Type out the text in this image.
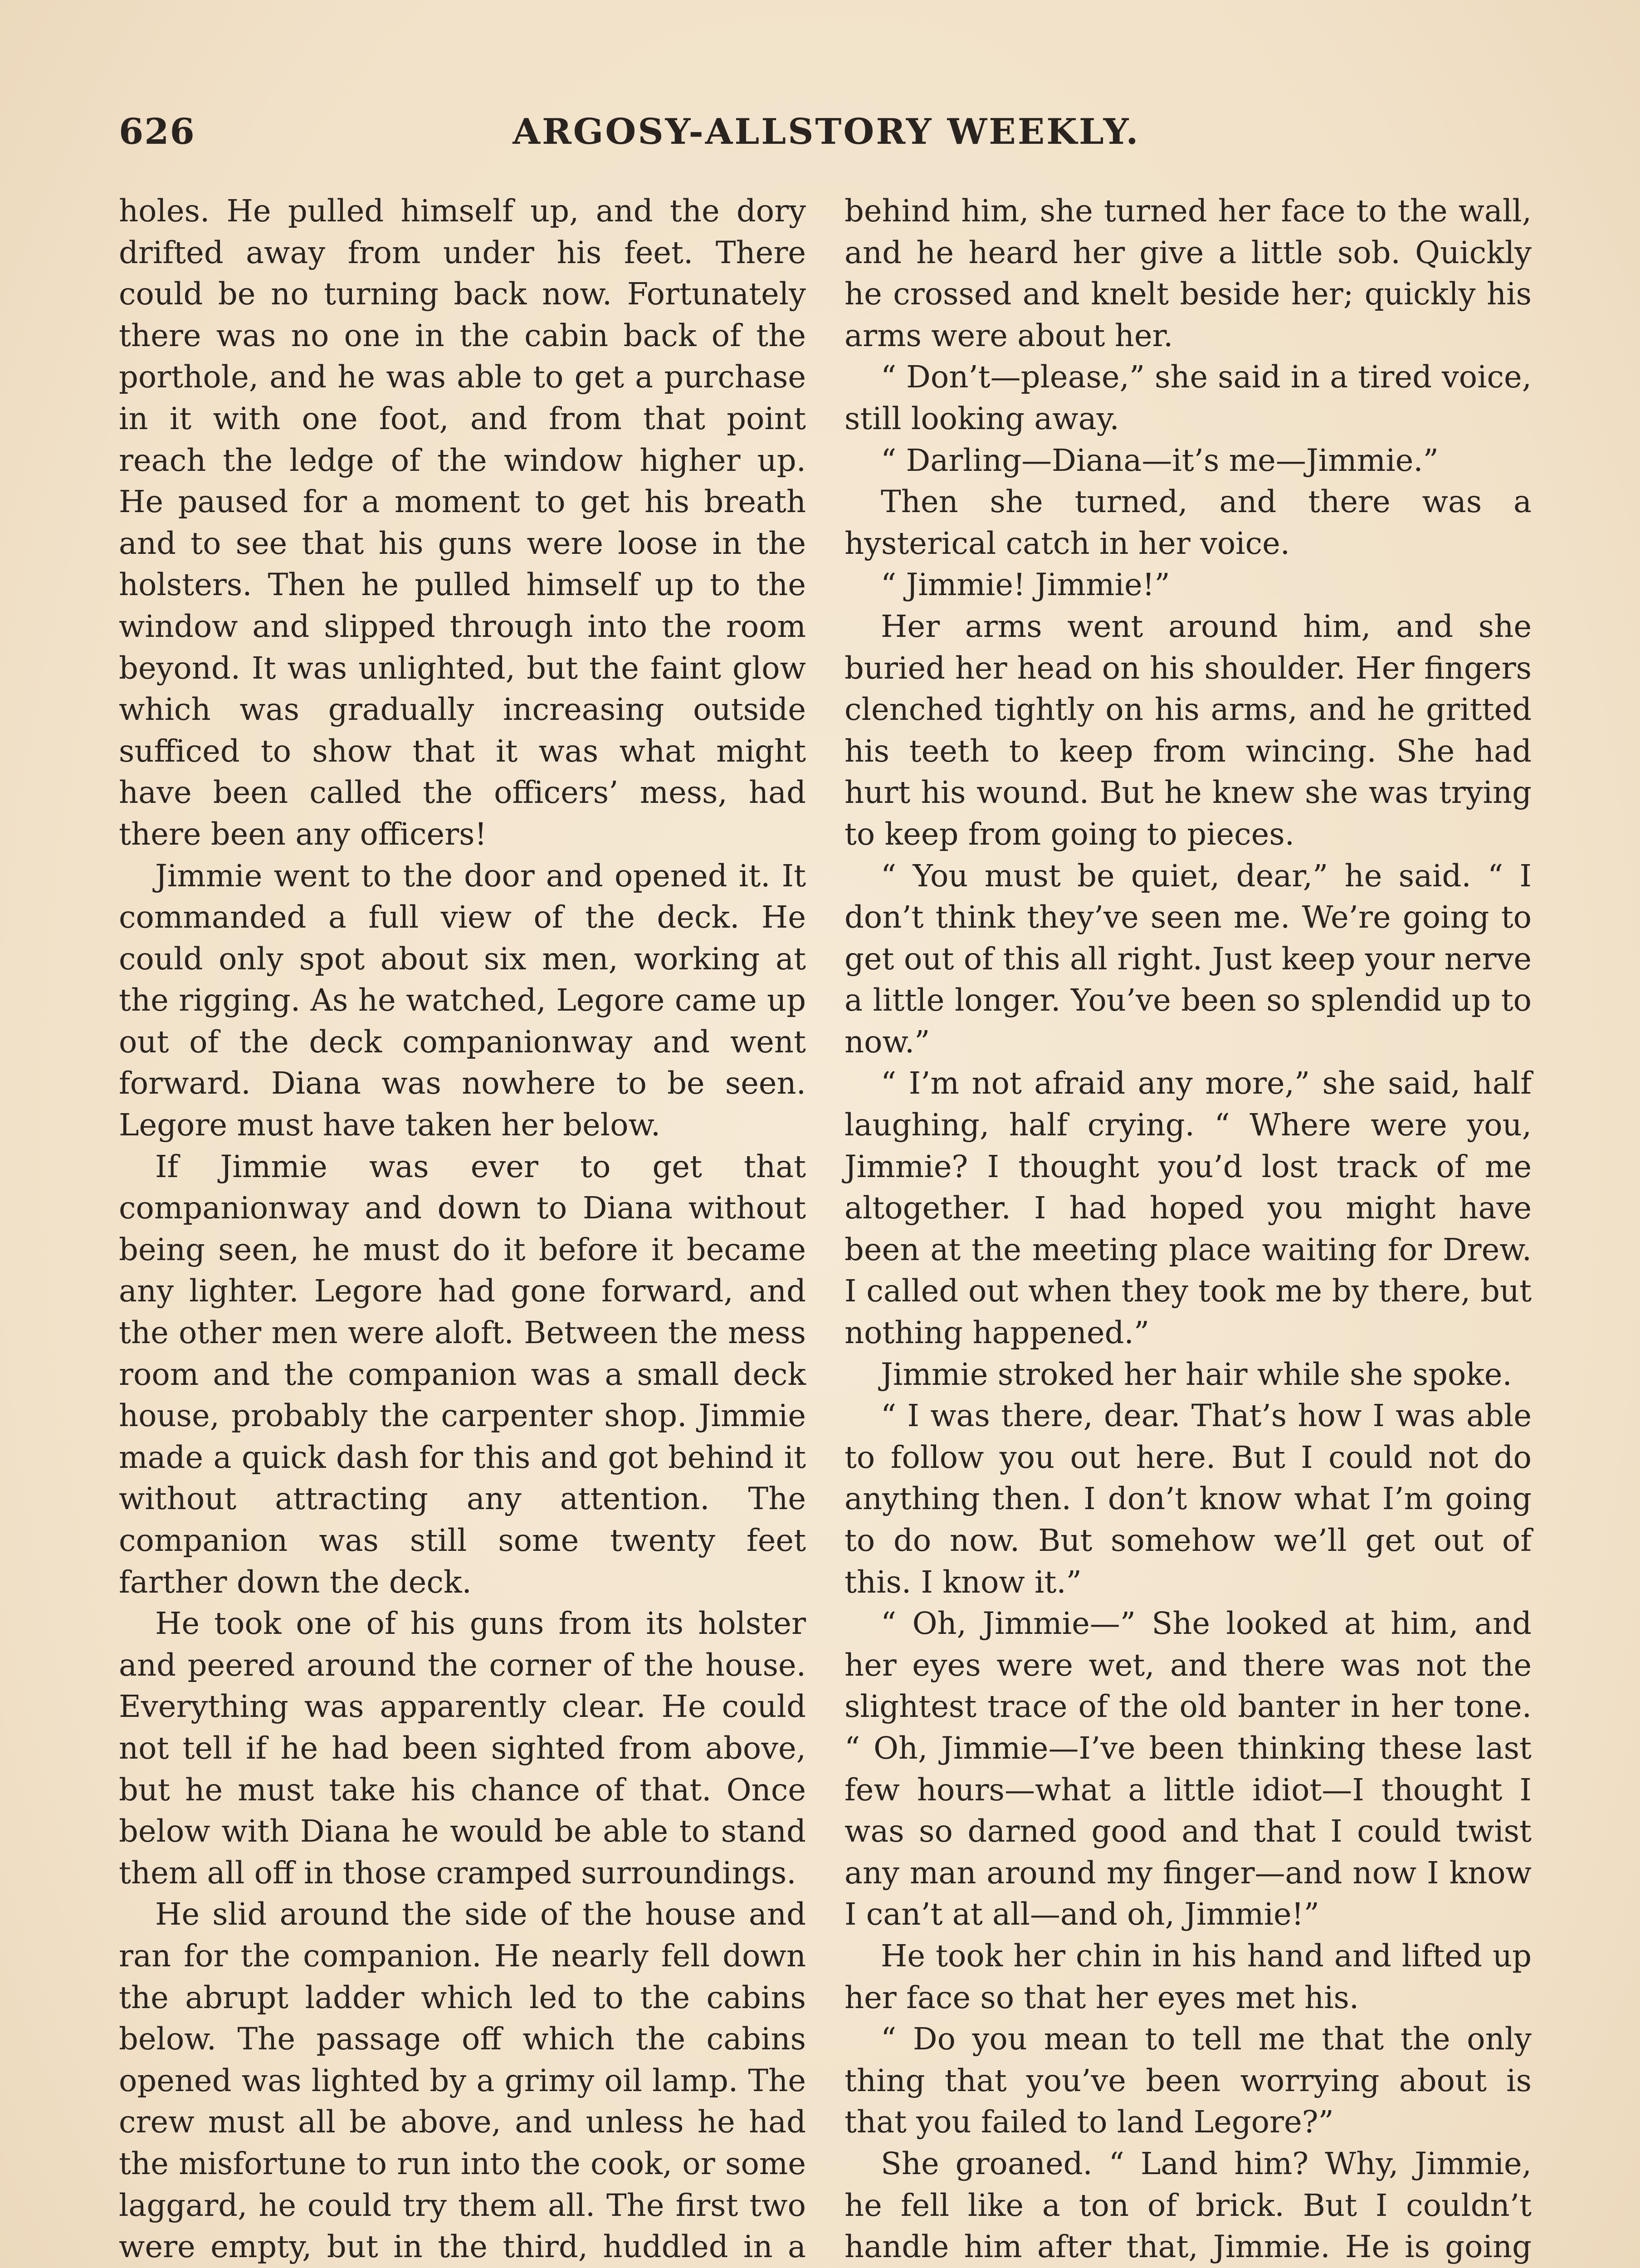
626	ARGOSY-ALLSTORY WEEKLY.

holes. He pulled himself up, and the dory drifted away from under his feet. There could be no turning back now. Fortunately there was no one in the cabin back of the porthole, and he was able to get a purchase in it with one foot, and from that point reach the ledge of the window higher up. He paused for a moment to get his breath and to see that his guns were loose in the holsters. Then he pulled himself up to the window and slipped through into the room beyond. It was unlighted, but the faint glow which was gradually increasing outside sufficed to show that it was what might have been called the officers’ mess, had there been any officers!

Jimmie went to the door and opened it. It commanded a full view of the deck. He could only spot about six men, working at the rigging. As he watched, Legore came up out of the deck companionway and went forward. Diana was nowhere to be seen. Legore must have taken her below.

If Jimmie was ever to get that companionway and down to Diana without being seen, he must do it before it became any lighter. Legore had gone forward, and the other men were aloft. Between the mess room and the companion was a small deck house, probably the carpenter shop. Jimmie made a quick dash for this and got behind it without attracting any attention. The companion was still some twenty feet farther down the deck.

He took one of his guns from its holster and peered around the corner of the house. Everything was apparently clear. He could not tell if he had been sighted from above, but he must take his chance of that. Once below with Diana he would be able to stand them all off in those cramped surroundings.

He slid around the side of the house and ran for the companion. He nearly fell down the abrupt ladder which led to the cabins below. The passage off which the cabins opened was lighted by a grimy oil lamp. The crew must all be above, and unless he had the misfortune to run into the cook, or some laggard, he could try them all. The first two were empty, but in the third, huddled in a

behind him, she turned her face to the wall, and he heard her give a little sob. Quickly he crossed and knelt beside her; quickly his arms were about her.

“ Don’t—please,” she said in a tired voice, still looking away.

“ Darling—Diana—it’s me—Jimmie.”

Then she turned, and there was a hysterical catch in her voice.

“ Jimmie! Jimmie!”

Her arms went around him, and she buried her head on his shoulder. Her fingers clenched tightly on his arms, and he gritted his teeth to keep from wincing. She had hurt his wound. But he knew she was trying to keep from going to pieces.

“ You must be quiet, dear,” he said. “ I don’t think they’ve seen me. We’re going to get out of this all right. Just keep your nerve a little longer. You’ve been so splendid up to now.”

“ I’m not afraid any more,” she said, half laughing, half crying. “ Where were you, Jimmie? I thought you’d lost track of me altogether. I had hoped you might have been at the meeting place waiting for Drew. I called out when they took me by there, but nothing happened.”

Jimmie stroked her hair while she spoke.

“ I was there, dear. That’s how I was able to follow you out here. But I could not do anything then. I don’t know what I’m going to do now. But somehow we’ll get out of this. I know it.”

“ Oh, Jimmie—” She looked at him, and her eyes were wet, and there was not the slightest trace of the old banter in her tone. “ Oh, Jimmie—I’ve been thinking these last few hours—what a little idiot—I thought I was so darned good and that I could twist any man around my finger—and now I know I can’t at all—and oh, Jimmie!”

He took her chin in his hand and lifted up her face so that her eyes met his.

“ Do you mean to tell me that the only thing that you’ve been worrying about is that you failed to land Legore?”

She groaned. “ Land him? Why, Jimmie, he fell like a ton of brick. But I couldn’t handle him after that, Jimmie. He is going
